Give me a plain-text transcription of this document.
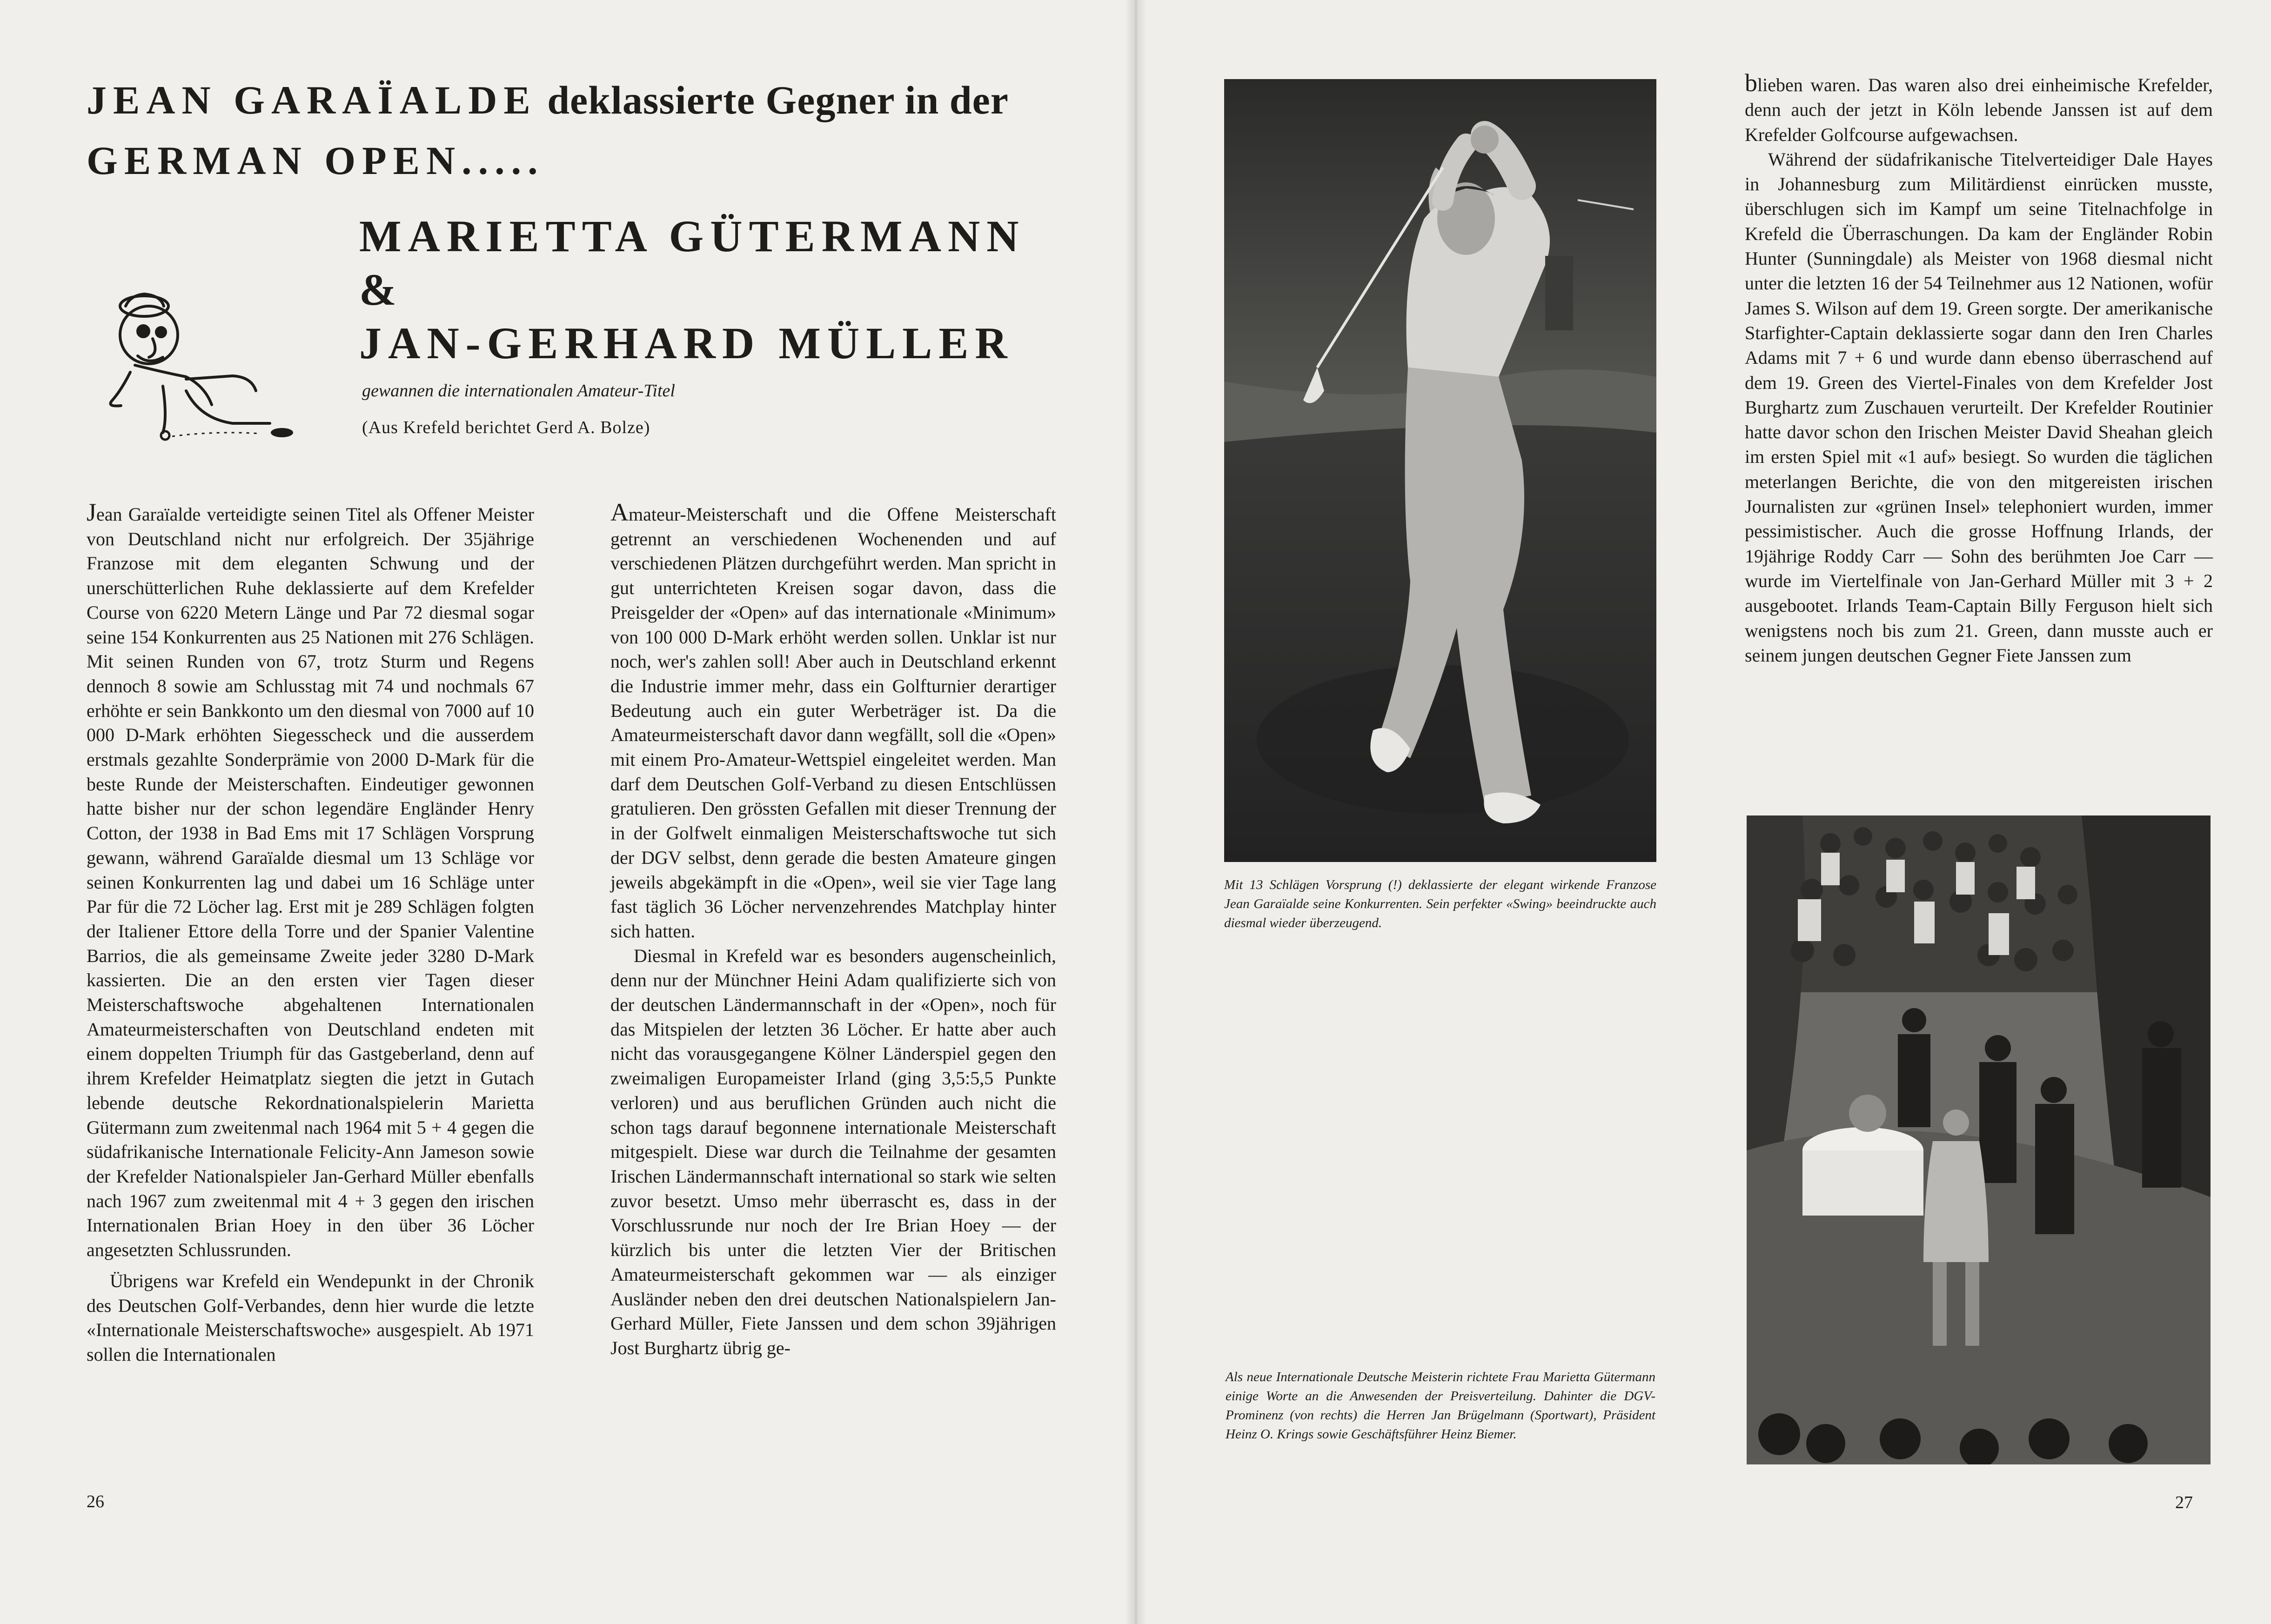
JEAN GARAÏALDE deklassierte Gegner in der
GERMAN OPEN.....
MARIETTA GÜTERMANN
&
JAN-GERHARD MÜLLER
gewannen die internationalen Amateur-Titel
(Aus Krefeld berichtet Gerd A. Bolze)

Jean Garaïalde verteidigte seinen Titel als Offener Meister von Deutschland nicht nur erfolgreich. Der 35jährige Franzose mit dem eleganten Schwung und der unerschütterlichen Ruhe deklassierte auf dem Krefelder Course von 6220 Metern Länge und Par 72 diesmal sogar seine 154 Konkurrenten aus 25 Nationen mit 276 Schlägen. Mit seinen Runden von 67, trotz Sturm und Regens dennoch 8 sowie am Schlusstag mit 74 und nochmals 67 erhöhte er sein Bankkonto um den diesmal von 7000 auf 10 000 D-Mark erhöhten Siegesscheck und die ausserdem erstmals gezahlte Sonderprämie von 2000 D-Mark für die beste Runde der Meisterschaften. Eindeutiger gewonnen hatte bisher nur der schon legendäre Engländer Henry Cotton, der 1938 in Bad Ems mit 17 Schlägen Vorsprung gewann, während Garaïalde diesmal um 13 Schläge vor seinen Konkurrenten lag und dabei um 16 Schläge unter Par für die 72 Löcher lag. Erst mit je 289 Schlägen folgten der Italiener Ettore della Torre und der Spanier Valentine Barrios, die als gemeinsame Zweite jeder 3280 D-Mark kassierten. Die an den ersten vier Tagen dieser Meisterschaftswoche abgehaltenen Internationalen Amateurmeisterschaften von Deutschland endeten mit einem doppelten Triumph für das Gastgeberland, denn auf ihrem Krefelder Heimatplatz siegten die jetzt in Gutach lebende deutsche Rekordnationalspielerin Marietta Gütermann zum zweitenmal nach 1964 mit 5 + 4 gegen die südafrikanische Internationale Felicity-Ann Jameson sowie der Krefelder Nationalspieler Jan-Gerhard Müller ebenfalls nach 1967 zum zweitenmal mit 4 + 3 gegen den irischen Internationalen Brian Hoey in den über 36 Löcher angesetzten Schlussrunden.

Übrigens war Krefeld ein Wendepunkt in der Chronik des Deutschen Golf-Verbandes, denn hier wurde die letzte «Internationale Meisterschaftswoche» ausgespielt. Ab 1971 sollen die Internationalen

Amateur-Meisterschaft und die Offene Meisterschaft getrennt an verschiedenen Wochenenden und auf verschiedenen Plätzen durchgeführt werden. Man spricht in gut unterrichteten Kreisen sogar davon, dass die Preisgelder der «Open» auf das internationale «Minimum» von 100 000 D-Mark erhöht werden sollen. Unklar ist nur noch, wer's zahlen soll! Aber auch in Deutschland erkennt die Industrie immer mehr, dass ein Golfturnier derartiger Bedeutung auch ein guter Werbeträger ist. Da die Amateurmeisterschaft davor dann wegfällt, soll die «Open» mit einem Pro-Amateur-Wettspiel eingeleitet werden. Man darf dem Deutschen Golf-Verband zu diesen Entschlüssen gratulieren. Den grössten Gefallen mit dieser Trennung der in der Golfwelt einmaligen Meisterschaftswoche tut sich der DGV selbst, denn gerade die besten Amateure gingen jeweils abgekämpft in die «Open», weil sie vier Tage lang fast täglich 36 Löcher nervenzehrendes Matchplay hinter sich hatten.

Diesmal in Krefeld war es besonders augenscheinlich, denn nur der Münchner Heini Adam qualifizierte sich von der deutschen Ländermannschaft in der «Open», noch für das Mitspielen der letzten 36 Löcher. Er hatte aber auch nicht das vorausgegangene Kölner Länderspiel gegen den zweimaligen Europameister Irland (ging 3,5:5,5 Punkte verloren) und aus beruflichen Gründen auch nicht die schon tags darauf begonnene internationale Meisterschaft mitgespielt. Diese war durch die Teilnahme der gesamten Irischen Ländermannschaft international so stark wie selten zuvor besetzt. Umso mehr überrascht es, dass in der Vorschlussrunde nur noch der Ire Brian Hoey — der kürzlich bis unter die letzten Vier der Britischen Amateurmeisterschaft gekommen war — als einziger Ausländer neben den drei deutschen Nationalspielern Jan-Gerhard Müller, Fiete Janssen und dem schon 39jährigen Jost Burghartz übrig ge-

26
Mit 13 Schlägen Vorsprung (!) deklassierte der elegant wirkende Franzose Jean Garaïalde seine Konkurrenten. Sein perfekter «Swing» beeindruckte auch diesmal wieder überzeugend.

blieben waren. Das waren also drei einheimische Krefelder, denn auch der jetzt in Köln lebende Janssen ist auf dem Krefelder Golfcourse aufgewachsen.

Während der südafrikanische Titelverteidiger Dale Hayes in Johannesburg zum Militärdienst einrücken musste, überschlugen sich im Kampf um seine Titelnachfolge in Krefeld die Überraschungen. Da kam der Engländer Robin Hunter (Sunningdale) als Meister von 1968 diesmal nicht unter die letzten 16 der 54 Teilnehmer aus 12 Nationen, wofür James S. Wilson auf dem 19. Green sorgte. Der amerikanische Starfighter-Captain deklassierte sogar dann den Iren Charles Adams mit 7 + 6 und wurde dann ebenso überraschend auf dem 19. Green des Viertel-Finales von dem Krefelder Jost Burghartz zum Zuschauen verurteilt. Der Krefelder Routinier hatte davor schon den Irischen Meister David Sheahan gleich im ersten Spiel mit «1 auf» besiegt. So wurden die täglichen meterlangen Berichte, die von den mitgereisten irischen Journalisten zur «grünen Insel» telephoniert wurden, immer pessimistischer. Auch die grosse Hoffnung Irlands, der 19jährige Roddy Carr — Sohn des berühmten Joe Carr — wurde im Viertelfinale von Jan-Gerhard Müller mit 3 + 2 ausgebootet. Irlands Team-Captain Billy Ferguson hielt sich wenigstens noch bis zum 21. Green, dann musste auch er seinem jungen deutschen Gegner Fiete Janssen zum

Als neue Internationale Deutsche Meisterin richtete Frau Marietta Gütermann einige Worte an die Anwesenden der Preisverteilung. Dahinter die DGV-Prominenz (von rechts) die Herren Jan Brügelmann (Sportwart), Präsident Heinz O. Krings sowie Geschäftsführer Heinz Biemer.
27
